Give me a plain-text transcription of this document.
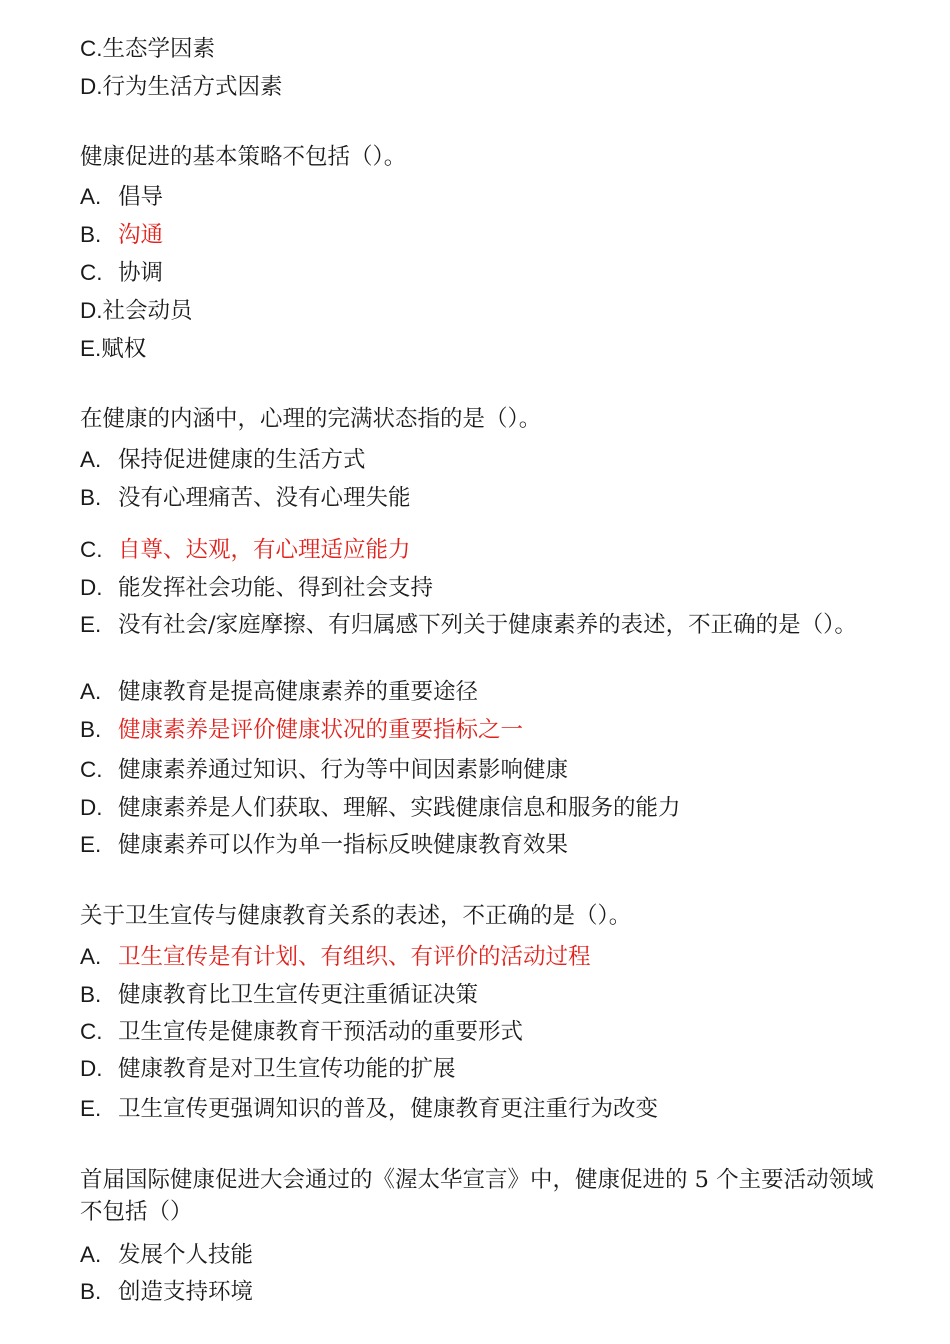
C.生态学因素
D.行为生活方式因素
健康促进的基本策略不包括（）。
A. 倡导
B. 沟通
C. 协调
D.社会动员
E.赋权
在健康的内涵中，心理的完满状态指的是（）。
A. 保持促进健康的生活方式
B. 没有心理痛苦、没有心理失能
C. 自尊、达观，有心理适应能力
D. 能发挥社会功能、得到社会支持
E. 没有社会/家庭摩擦、有归属感下列关于健康素养的表述，不正确的是（）。
A. 健康教育是提高健康素养的重要途径
B. 健康素养是评价健康状况的重要指标之一
C. 健康素养通过知识、行为等中间因素影响健康
D. 健康素养是人们获取、理解、实践健康信息和服务的能力
E. 健康素养可以作为单一指标反映健康教育效果
关于卫生宣传与健康教育关系的表述，不正确的是（）。
A. 卫生宣传是有计划、有组织、有评价的活动过程
B. 健康教育比卫生宣传更注重循证决策
C. 卫生宣传是健康教育干预活动的重要形式
D. 健康教育是对卫生宣传功能的扩展
E. 卫生宣传更强调知识的普及，健康教育更注重行为改变
首届国际健康促进大会通过的《渥太华宣言》中，健康促进的 5 个主要活动领域不包括（）
A. 发展个人技能
B. 创造支持环境
